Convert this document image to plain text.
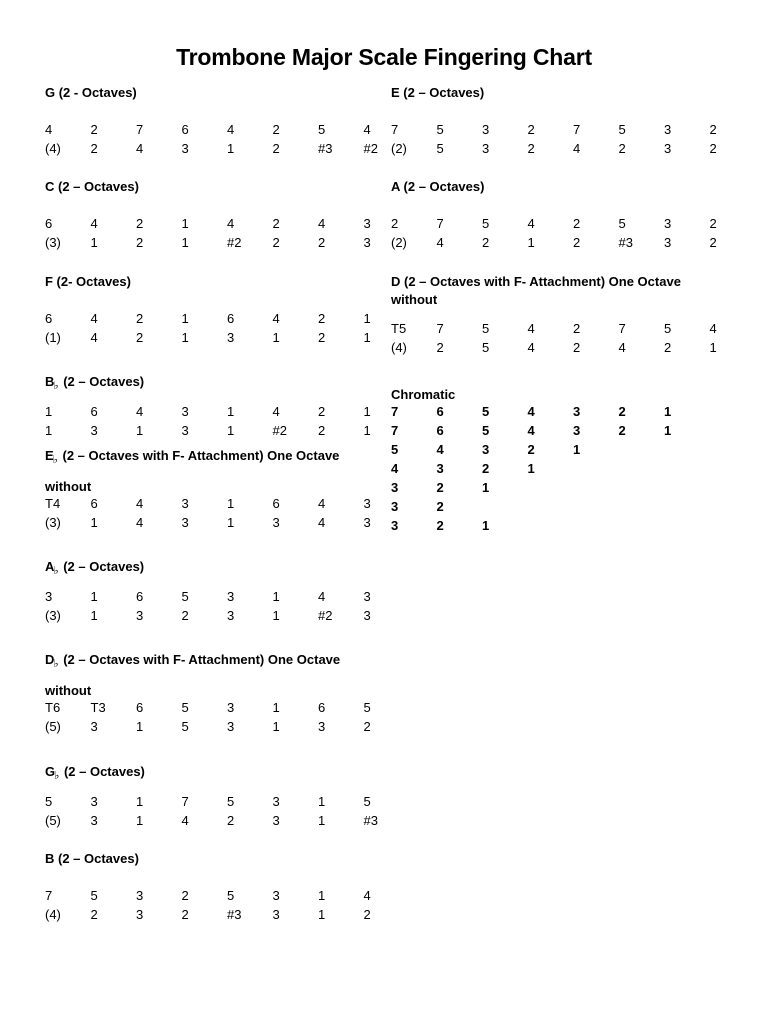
Trombone Major Scale Fingering Chart
G (2 - Octaves)
4	2	7	6	4	2	5	4
(4) 2	4	3	1	2	#3 #2
C (2 – Octaves)
6	4	2	1	4	2	4	3
(3) 1	2	1	#2 2	2	3
F (2- Octaves)
6	4	2	1	6	4	2	1
(1) 4	2	1	3	1	2	1
$B_♭$ (2 – Octaves)
1	6	4	3	1	4	2	1
1	3	1	3	1	#2 2	1
$E_♭$ (2 – Octaves with F- Attachment) One Octave
without
T4 6	4	3	1	6	4	3
(3) 1	4	3	1	3	4	3
$A_♭$ (2 – Octaves)
3	1	6	5	3	1	4	3
(3) 1	3	2	3	1	#2 3
$D_♭$ (2 – Octaves with F- Attachment) One Octave
without
T6 T3 6	5	3	1	6	5
(5) 3	1	5	3	1	3	2
$G_♭$ (2 – Octaves)
5	3	1	7	5	3	1	5
(5) 3	1	4	2	3	1	#3
B (2 – Octaves)
7	5	3	2	5	3	1	4
(4) 2	3	2	#3 3	1	2
E (2 – Octaves)
7	5	3	2	7	5	3	2
(2) 5	3	2	4	2	3	2
A (2 – Octaves)
2	7	5	4	2	5	3	2
(2) 4	2	1	2	#3 3	2
D (2 – Octaves with F- Attachment) One Octave without
T5 7	5	4	2	7	5	4
(4) 2	5	4	2	4	2	1
Chromatic
7	6	5	4	3	2	1
7	6	5	4	3	2	1
5	4	3	2	1
4	3	2	1
3	2	1
3	2
3	2	1
